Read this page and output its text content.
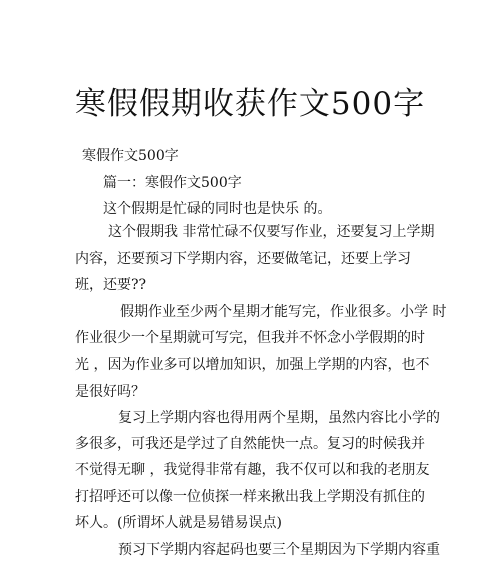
寒假假期收获作文500字
寒假作文500字
篇一：寒假作文500字
这个假期是忙碌的同时也是快乐 的。
这个假期我 非常忙碌不仅要写作业，还要复习上学期
内容，还要预习下学期内容，还要做笔记，还要上学习
班，还要??
假期作业至少两个星期才能写完，作业很多。小学 时
作业很少一个星期就可写完，但我并不怀念小学假期的时
光 ，因为作业多可以增加知识，加强上学期的内容，也不
是很好吗？
复习上学期内容也得用两个星期，虽然内容比小学的
多很多，可我还是学过了自然能快一点。复习的时候我并
不觉得无聊 ，我觉得非常有趣，我不仅可以和我的老朋友
打招呼还可以像一位侦探一样来揪出我上学期没有抓住的
坏人。(所谓坏人就是易错易误点)
预习下学期内容起码也要三个星期因为下学期内容重
